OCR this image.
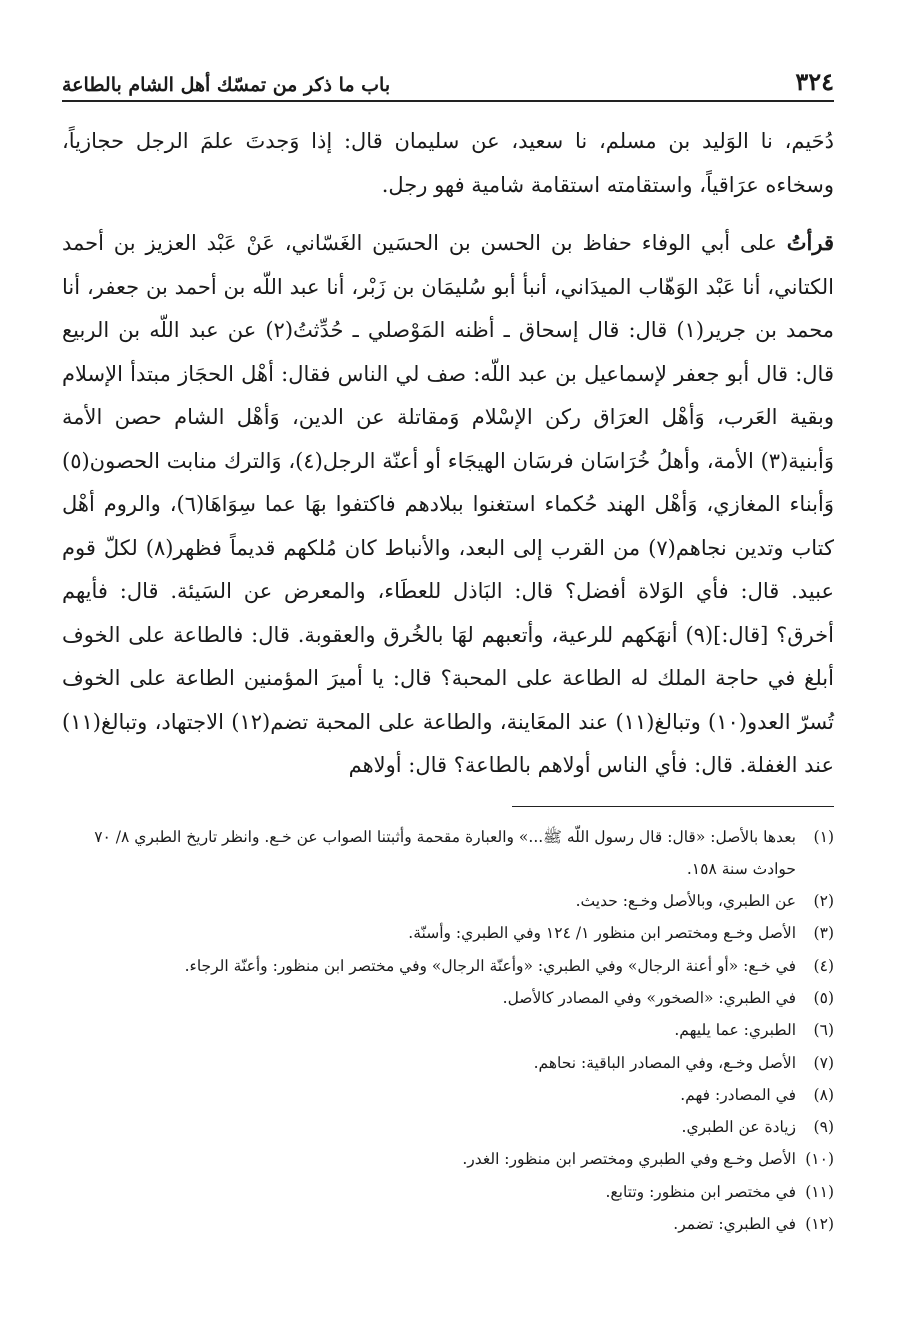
٣٢٤
باب ما ذكر من تمسّك أهل الشام بالطاعة

دُحَيم، نا الوَليد بن مسلم، نا سعيد، عن سليمان قال: إذا وَجدتَ علمَ الرجل حجازياً، وسخاءه عرَاقياً، واستقامته استقامة شامية فهو رجل.

قرأتُ على أبي الوفاء حفاظ بن الحسن بن الحسَين الغَسّاني، عَنْ عَبْد العزيز بن أحمد الكتاني، أنا عَبْد الوَهّاب الميدَاني، أنبأ أبو سُليمَان بن زَبْر، أنا عبد اللّه بن أحمد بن جعفر، أنا محمد بن جرير(١) قال: قال إسحاق ـ أظنه المَوْصلي ـ حُدِّثتُ(٢) عن عبد اللّه بن الربيع قال: قال أبو جعفر لإسماعيل بن عبد اللّه: صف لي الناس فقال: أهْل الحجَاز مبتدأ الإسلام وبقية العَرب، وَأهْل العرَاق ركن الإسْلام وَمقاتلة عن الدين، وَأهْل الشام حصن الأمة وَأبنية(٣) الأمة، وأهلُ خُرَاسَان فرسَان الهيجَاء أو أعنّة الرجل(٤)، وَالترك منابت الحصون(٥) وَأبناء المغازي، وَأهْل الهند حُكماء استغنوا ببلادهم فاكتفوا بهَا عما سِوَاهَا(٦)، والروم أهْل كتاب وتدين نجاهم(٧) من القرب إلى البعد، والأنباط كان مُلكهم قديماً فظهر(٨) لكلّ قوم عبيد. قال: فأي الوَلاة أفضل؟ قال: البَاذل للعطَاء، والمعرض عن السَيئة. قال: فأيهم أخرق؟ [قال:](٩) أنهَكهم للرعية، وأتعبهم لهَا بالخُرق والعقوبة. قال: فالطاعة على الخوف أبلغ في حاجة الملك له الطاعة على المحبة؟ قال: يا أميرَ المؤمنين الطاعة على الخوف تُسرّ العدو(١٠) وتبالغ(١١) عند المعَاينة، والطاعة على المحبة تضم(١٢) الاجتهاد، وتبالغ(١١) عند الغفلة. قال: فأي الناس أولاهم بالطاعة؟ قال: أولاهم

(١)
بعدها بالأصل: «قال: قال رسول اللّه ﷺ...» والعبارة مقحمة وأثبتنا الصواب عن خـع. وانظر تاريخ الطبري ٨/ ٧٠ حوادث سنة ١٥٨.
(٢)
عن الطبري، وبالأصل وخـع: حديث.
(٣)
الأصل وخـع ومختصر ابن منظور ١/ ١٢٤ وفي الطبري: وأسنّة.
(٤)
في خـع: «أو أعنة الرجال» وفي الطبري: «وأعنّة الرجال» وفي مختصر ابن منظور: وأعنّة الرجاء.
(٥)
في الطبري: «الصخور» وفي المصادر كالأصل.
(٦)
الطبري: عما يليهم.
(٧)
الأصل وخـع، وفي المصادر الباقية: نحاهم.
(٨)
في المصادر: فهم.
(٩)
زيادة عن الطبري.
(١٠)
الأصل وخـع وفي الطبري ومختصر ابن منظور: الغدر.
(١١)
في مختصر ابن منظور: وتتابع.
(١٢)
في الطبري: تضمر.
